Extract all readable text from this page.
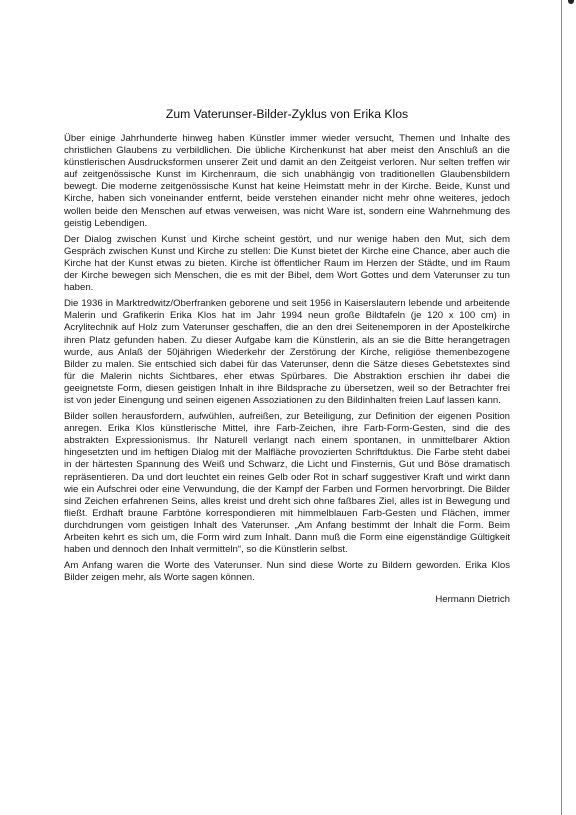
Zum Vaterunser-Bilder-Zyklus von Erika Klos

Über einige Jahrhunderte hinweg haben Künstler immer wieder versucht, Themen und Inhalte des christlichen Glaubens zu verbildlichen. Die übliche Kirchenkunst hat aber meist den Anschluß an die künstlerischen Ausdrucksformen unserer Zeit und damit an den Zeitgeist verloren. Nur selten treffen wir auf zeitgenössische Kunst im Kirchenraum, die sich unabhängig von traditionellen Glaubensbildern bewegt. Die moderne zeitgenössische Kunst hat keine Heimstatt mehr in der Kirche. Beide, Kunst und Kirche, haben sich voneinander entfernt, beide verstehen einander nicht mehr ohne weiteres, jedoch wollen beide den Menschen auf etwas verweisen, was nicht Ware ist, sondern eine Wahrnehmung des geistig Lebendigen.

Der Dialog zwischen Kunst und Kirche scheint gestört, und nur wenige haben den Mut, sich dem Gespräch zwischen Kunst und Kirche zu stellen: Die Kunst bietet der Kirche eine Chance, aber auch die Kirche hat der Kunst etwas zu bieten. Kirche ist öffentlicher Raum im Herzen der Städte, und im Raum der Kirche bewegen sich Menschen, die es mit der Bibel, dem Wort Gottes und dem Vaterunser zu tun haben.

Die 1936 in Marktredwitz/Oberfranken geborene und seit 1956 in Kaiserslautern lebende und arbeitende Malerin und Grafikerin Erika Klos hat im Jahr 1994 neun große Bildtafeln (je 120 x 100 cm) in Acrylitechnik auf Holz zum Vaterunser geschaffen, die an den drei Seitenemporen in der Apostelkirche ihren Platz gefunden haben. Zu dieser Aufgabe kam die Künstlerin, als an sie die Bitte herangetragen wurde, aus Anlaß der 50jährigen Wiederkehr der Zerstörung der Kirche, religiöse themenbezogene Bilder zu malen. Sie entschied sich dabei für das Vaterunser, denn die Sätze dieses Gebetstextes sind für die Malerin nichts Sichtbares, eher etwas Spürbares. Die Abstraktion erschien ihr dabei die geeignetste Form, diesen geistigen Inhalt in ihre Bildsprache zu übersetzen, weil so der Betrachter frei ist von jeder Einengung und seinen eigenen Assoziationen zu den Bildinhalten freien Lauf lassen kann.

Bilder sollen herausfordern, aufwühlen, aufreißen, zur Beteiligung, zur Definition der eigenen Position anregen. Erika Klos künstlerische Mittel, ihre Farb-Zeichen, ihre Farb-Form-Gesten, sind die des abstrakten Expressionismus. Ihr Naturell verlangt nach einem spontanen, in unmittelbarer Aktion hingesetzten und im heftigen Dialog mit der Malfläche provozierten Schriftduktus. Die Farbe steht dabei in der härtesten Spannung des Weiß und Schwarz, die Licht und Finsternis, Gut und Böse dramatisch repräsentieren. Da und dort leuchtet ein reines Gelb oder Rot in scharf suggestiver Kraft und wirkt dann wie ein Aufschrei oder eine Verwundung, die der Kampf der Farben und Formen hervorbringt. Die Bilder sind Zeichen erfahrenen Seins, alles kreist und dreht sich ohne faßbares Ziel, alles ist in Bewegung und fließt. Erdhaft braune Farbtöne korrespondieren mit himmelblauen Farb-Gesten und Flächen, immer durchdrungen vom geistigen Inhalt des Vaterunser. „Am Anfang bestimmt der Inhalt die Form. Beim Arbeiten kehrt es sich um, die Form wird zum Inhalt. Dann muß die Form eine eigenständige Gültigkeit haben und dennoch den Inhalt vermitteln“, so die Künstlerin selbst.

Am Anfang waren die Worte des Vaterunser. Nun sind diese Worte zu Bildern geworden. Erika Klos Bilder zeigen mehr, als Worte sagen können.

Hermann Dietrich
